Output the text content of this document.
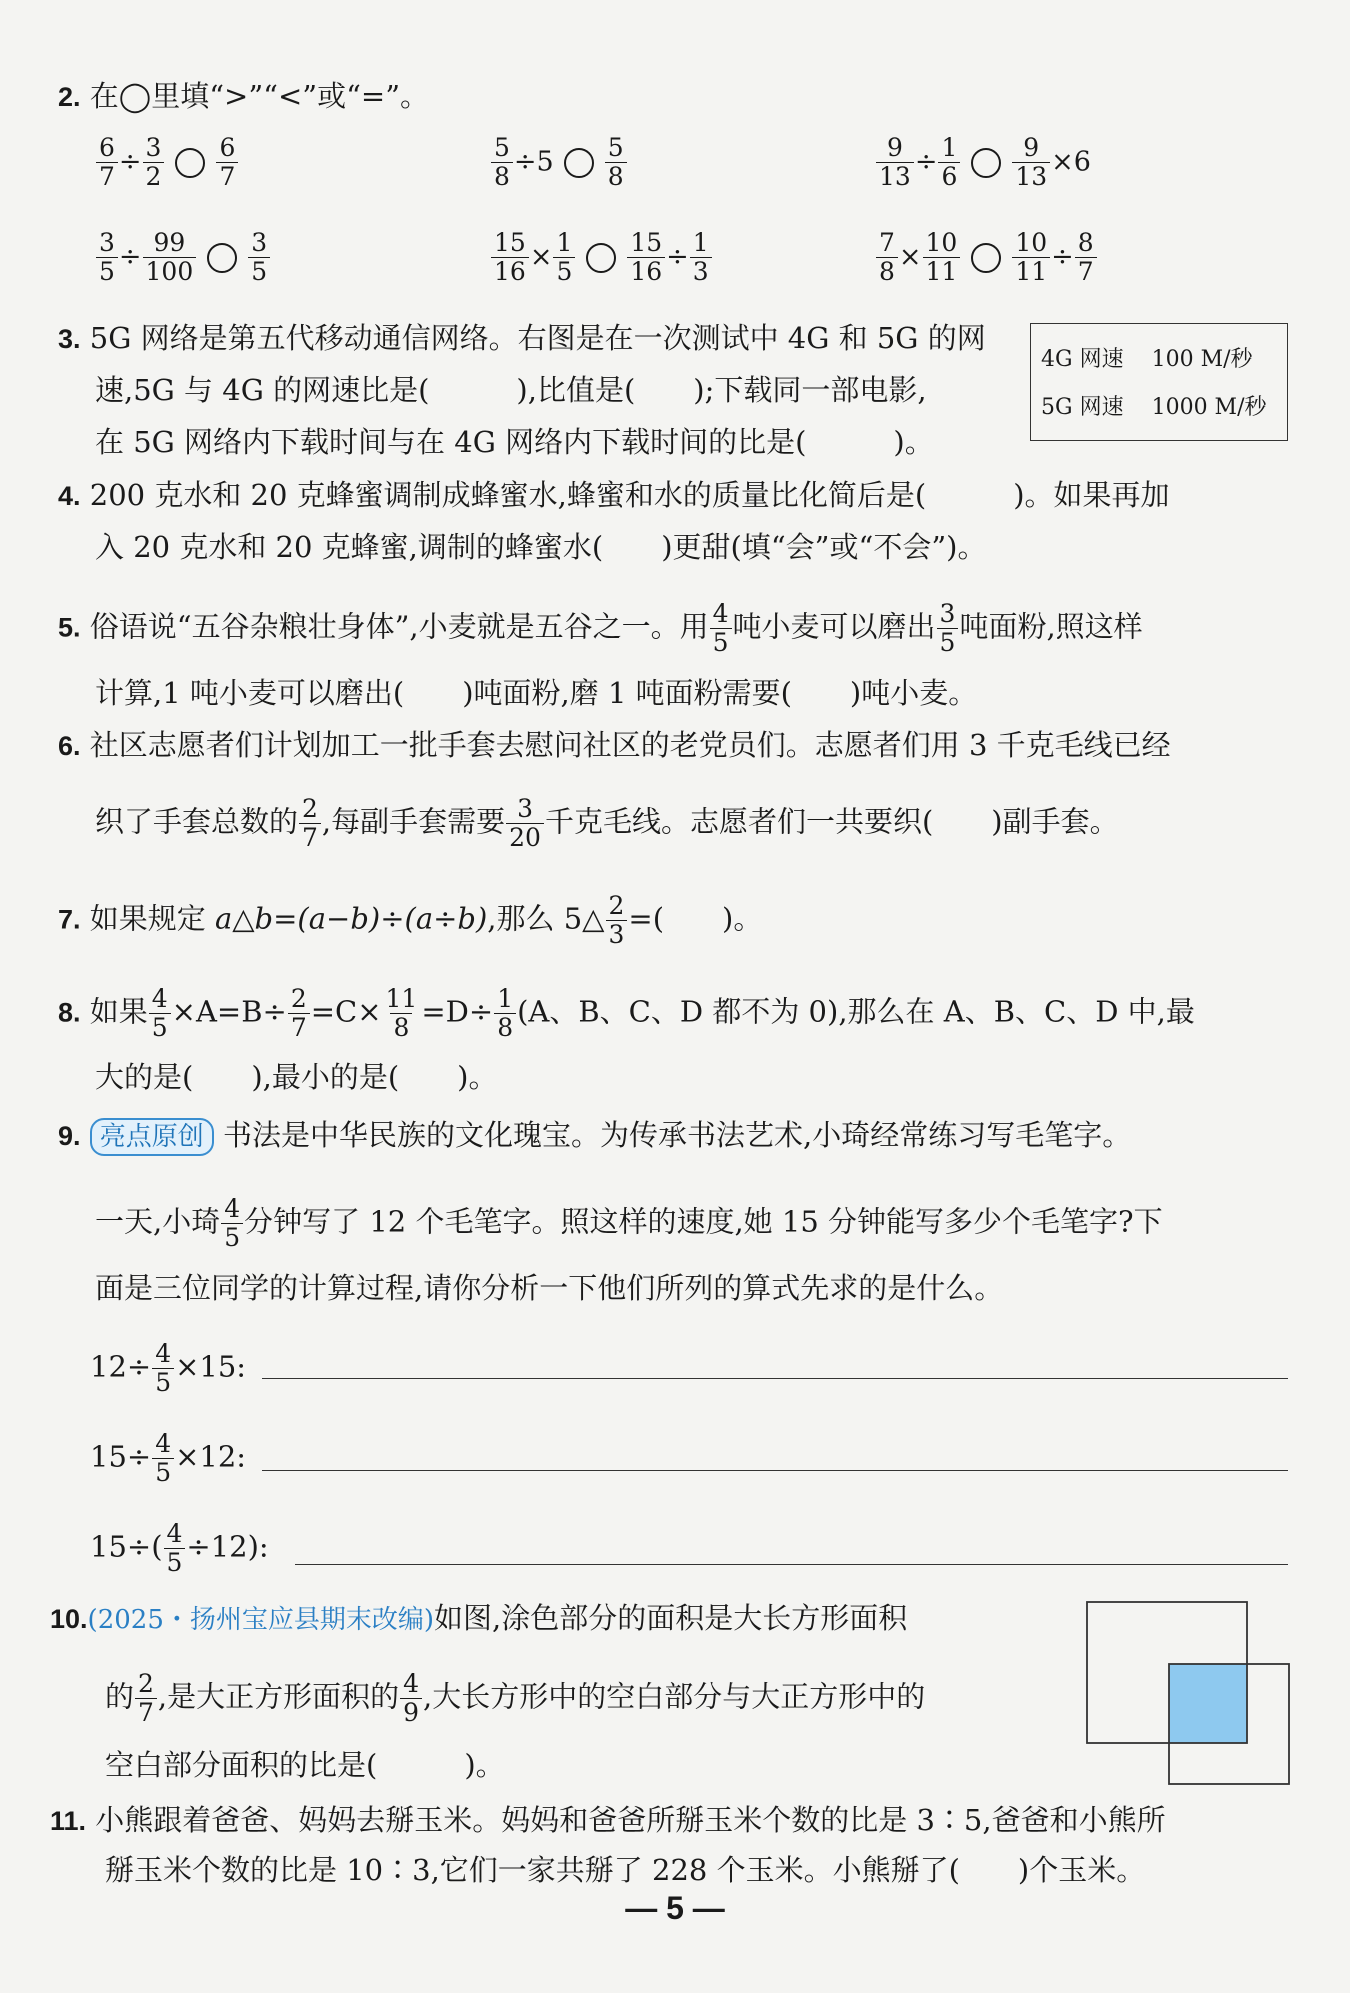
2. 在◯里填“>”“<”或“=”。
$\frac{6}{7} \div \frac{3}{2} \frac{6}{7}$	$\frac{5}{8} \div 5 \frac{5}{8}$	$\frac{9}{13} \div \frac{1}{6} \frac{9}{13} \times 6$
$\frac{3}{5} \div \frac{99}{100} \frac{3}{5}$	$\frac{15}{16} \times \frac{1}{5} \frac{15}{16} \div \frac{1}{3}$	$\frac{7}{8} \times \frac{10}{11} \frac{10}{11} \div \frac{8}{7}$
3. 5G 网络是第五代移动通信网络。右图是在一次测试中 4G 和 5G 的网
速,5G 与 4G 的网速比是(　　　),比值是(　　);下载同一部电影,
在 5G 网络内下载时间与在 4G 网络内下载时间的比是(　　　)。
4G 网速 100 M/秒
5G 网速 1000 M/秒
4. 200 克水和 20 克蜂蜜调制成蜂蜜水,蜂蜜和水的质量比化简后是(　　　)。如果再加
入 20 克水和 20 克蜂蜜,调制的蜂蜜水(　　)更甜(填“会”或“不会”)。
5. 俗语说“五谷杂粮壮身体”,小麦就是五谷之一。用 $\frac{4}{5}$ 吨小麦可以磨出 $\frac{3}{5}$ 吨面粉,照这样
计算,1 吨小麦可以磨出(　　)吨面粉,磨 1 吨面粉需要(　　)吨小麦。
6. 社区志愿者们计划加工一批手套去慰问社区的老党员们。志愿者们用 3 千克毛线已经
织了手套总数的 $\frac{2}{7}$ ,每副手套需要 $\frac{3}{20}$ 千克毛线。志愿者们一共要织(　　)副手套。
7. 如果规定 a△b=(a−b)÷(a÷b),那么 5△ $\frac{2}{3}$ =(　　)。
8. 如果 $\frac{4}{5} \times A=B\div \frac{2}{7} =C\times \frac{11}{8} =D\div \frac{1}{8} (A$、B、C、D 都不为 0),那么在 A、B、C、D 中,最
大的是(　　),最小的是(　　)。
9. 亮点原创 书法是中华民族的文化瑰宝。为传承书法艺术,小琦经常练习写毛笔字。
一天,小琦 $\frac{4}{5}$ 分钟写了 12 个毛笔字。照这样的速度,她 15 分钟能写多少个毛笔字?下
面是三位同学的计算过程,请你分析一下他们所列的算式先求的是什么。
$12\div \frac{4}{5} \times 15$:
$15\div \frac{4}{5} \times 12$:
$15\div( \frac{4}{5} \div 12)$:
10.(2025・扬州宝应县期末改编)如图,涂色部分的面积是大长方形面积
的 $\frac{2}{7}$ ,是大正方形面积的 $\frac{4}{9}$ ,大长方形中的空白部分与大正方形中的
空白部分面积的比是(　　　)。
11. 小熊跟着爸爸、妈妈去掰玉米。妈妈和爸爸所掰玉米个数的比是 3∶5,爸爸和小熊所
掰玉米个数的比是 10∶3,它们一家共掰了 228 个玉米。小熊掰了(　　)个玉米。
— 5 —
